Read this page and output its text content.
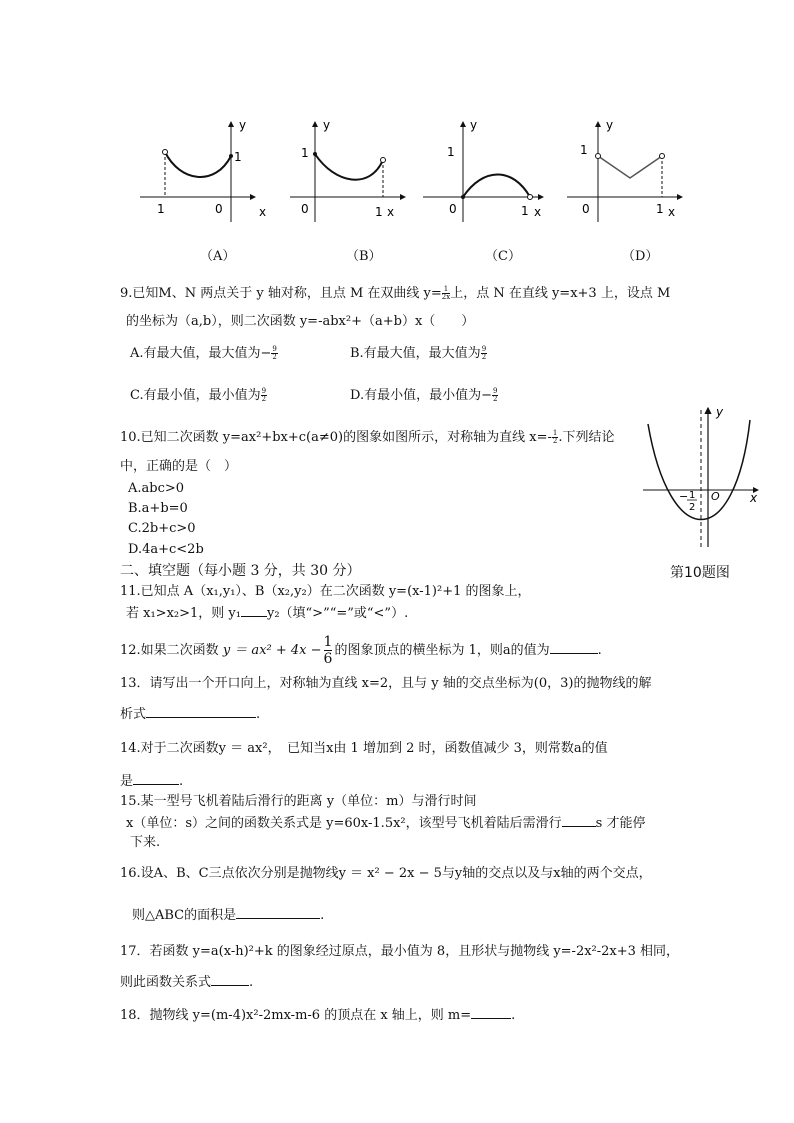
1	0	x
y
1	1
0	1 x
y
1
0	1 x
y
1
0	1 x
y
（A）	（B）	（C）	（D）
9.已知M、N 两点关于 y 轴对称，且点 M 在双曲线 $y= \frac{1}{2x}$ 上，点 N 在直线 y=x+3 上，设点 M
的坐标为（a,b），则二次函数 y=-abx²+（a+b）x（　　）
A.有最大值，最大值为− $\frac{9}{2}$	B.有最大值，最大值为 $\frac{9}{2}$
C.有最小值，最小值为 $\frac{9}{2}$	D.有最小值，最小值为− $\frac{9}{2}$
10.已知二次函数 y=ax²+bx+c(a≠0)的图象如图所示，对称轴为直线 $x=- \frac{1}{2}$ .下列结论
中，正确的是（　）
A.abc>0
B.a+b=0
C.2b+c>0
D.4a+c<2b
y
x
O
− 1
2
第10题图
二、填空题（每小题 3 分，共 30 分）
11.已知点 A（x₁,y₁）、B（x₂,y₂）在二次函数 y=(x-1)²+1 的图象上，
若 x₁>x₂>1，则 y₁ y₂（填“>”“=”或“<”）.
12.如果二次函数 $y = ax^2 + 4x - \frac{1}{6}$ 的图象顶点的横坐标为 1，则a的值为	.
13．请写出一个开口向上，对称轴为直线 x=2，且与 y 轴的交点坐标为(0，3)的抛物线的解
析式	.
14.对于二次函数y ＝ ax²，　已知当x由 1 增加到 2 时，函数值减少 3，则常数a的值
是	.
15.某一型号飞机着陆后滑行的距离 y（单位：m）与滑行时间
x（单位：s）之间的函数关系式是 y=60x-1.5x²，该型号飞机着陆后需滑行	s 才能停
下来.
16.设A、B、C三点依次分别是抛物线y ＝ x² − 2x − 5与y轴的交点以及与x轴的两个交点，
则△ABC的面积是	.
17．若函数 y=a(x-h)²+k 的图象经过原点，最小值为 8，且形状与抛物线 y=-2x²-2x+3 相同，
则此函数关系式	.
18．抛物线 y=(m-4)x²-2mx-m-6 的顶点在 x 轴上，则 m=	.
